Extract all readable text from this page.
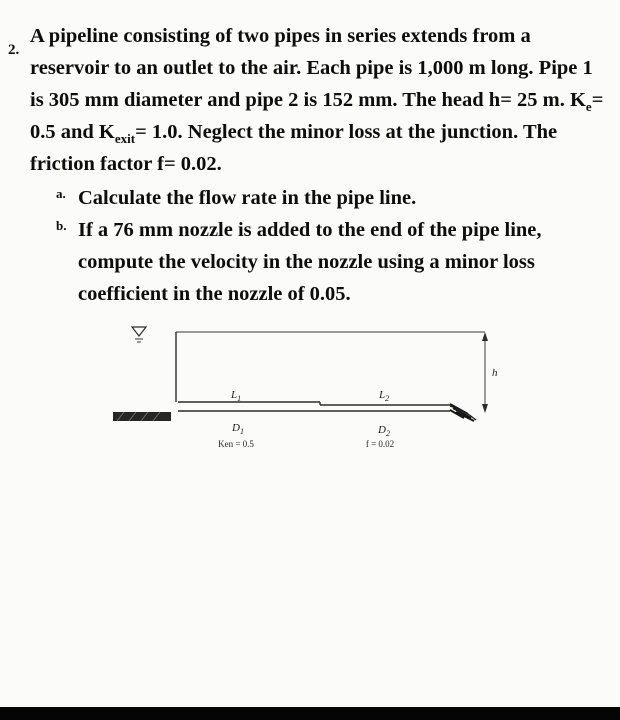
2.
A pipeline consisting of two pipes in series extends from a reservoir to an outlet to the air. Each pipe is 1,000 m long. Pipe 1 is 305 mm diameter and pipe 2 is 152 mm. The head h= 25 m. $K_e= 0.5$ and $K_{exit}= 1.0$. Neglect the minor loss at the junction. The friction factor f= 0.02.
a. Calculate the flow rate in the pipe line.
b. If a 76 mm nozzle is added to the end of the pipe line, compute the velocity in the nozzle using a minor loss coefficient in the nozzle of 0.05.
$L_1$	$L_2$
$D_1$	$D_2$
Ken = 0.5	f = 0.02
h
